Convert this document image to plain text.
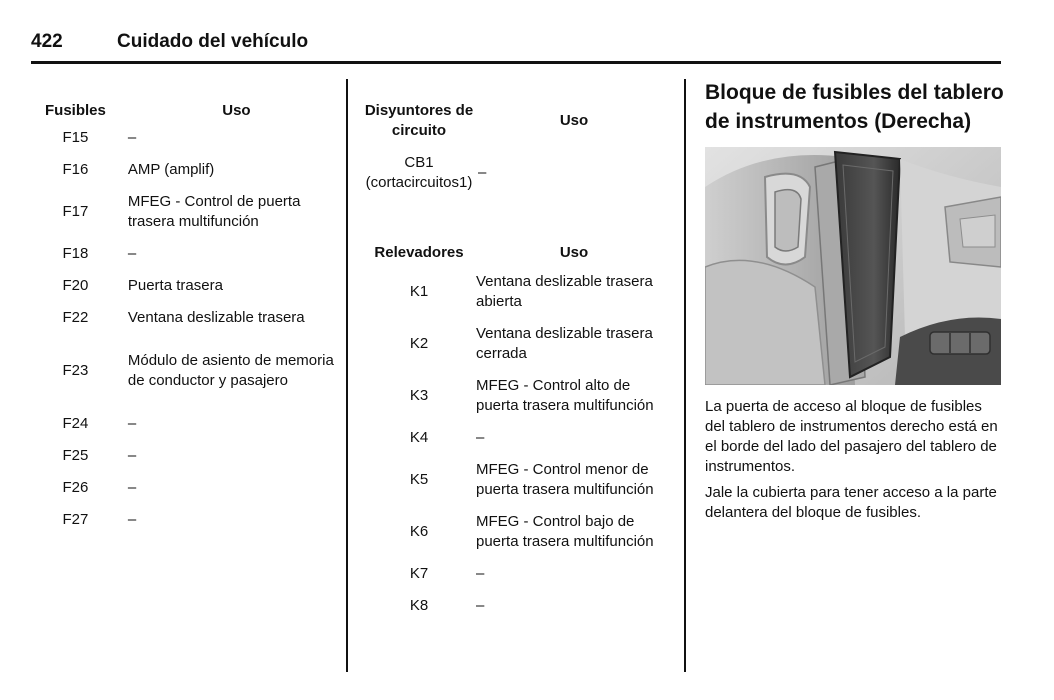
422	Cuidado del vehículo
Fusibles	Uso
F15	–
F16	AMP (amplif)
F17	MFEG - Control de puerta trasera multifunción
F18	–
F20	Puerta trasera
F22	Ventana deslizable trasera
F23	Módulo de asiento de memoria de conductor y pasajero
F24	–
F25	–
F26	–
F27	–
Disyuntores de circuito	Uso
CB1 (cortacircuitos1)	–
Relevadores	Uso
K1	Ventana deslizable trasera abierta
K2	Ventana deslizable trasera cerrada
K3	MFEG - Control alto de puerta trasera multifunción
K4	–
K5	MFEG - Control menor de puerta trasera multifunción
K6	MFEG - Control bajo de puerta trasera multifunción
K7	–
K8	–
Bloque de fusibles del tablero de instrumentos (Derecha)

La puerta de acceso al bloque de fusibles del tablero de instrumentos derecho está en el borde del lado del pasajero del tablero de instrumentos.

Jale la cubierta para tener acceso a la parte delantera del bloque de fusibles.
